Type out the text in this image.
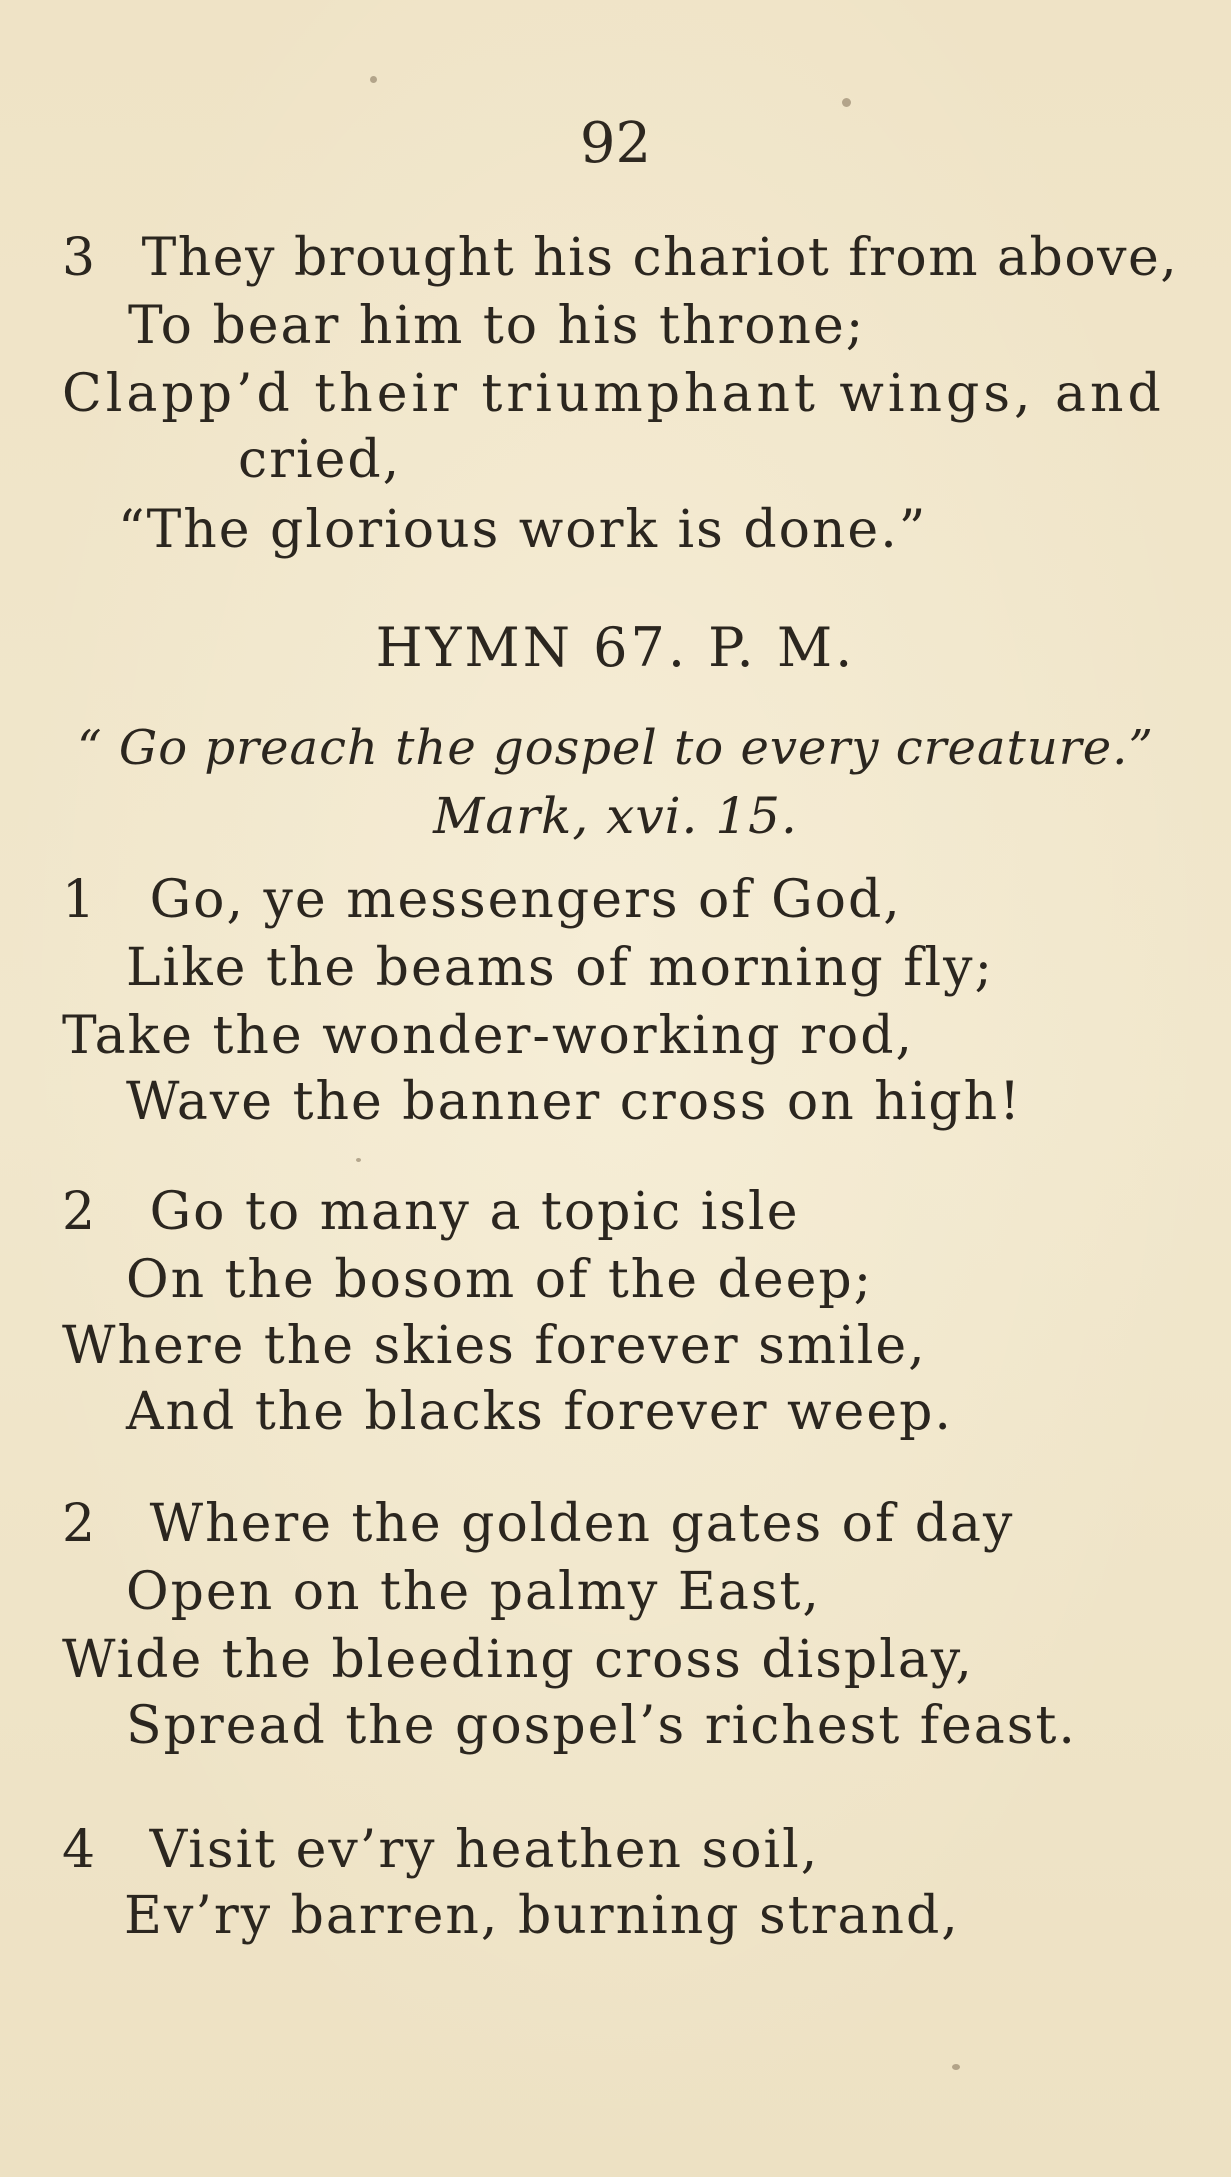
92
3 They brought his chariot from above,
To bear him to his throne;
Clapp’d their triumphant wings, and
cried,
“The glorious work is done.”
HYMN 67. P. M.
“ Go preach the gospel to every creature.”
Mark, xvi. 15.
1 Go, ye messengers of God,
Like the beams of morning fly;
Take the wonder-working rod,
Wave the banner cross on high!
2 Go to many a topic isle
On the bosom of the deep;
Where the skies forever smile,
And the blacks forever weep.
2 Where the golden gates of day
Open on the palmy East,
Wide the bleeding cross display,
Spread the gospel’s richest feast.
4 Visit ev’ry heathen soil,
Ev’ry barren, burning strand,
